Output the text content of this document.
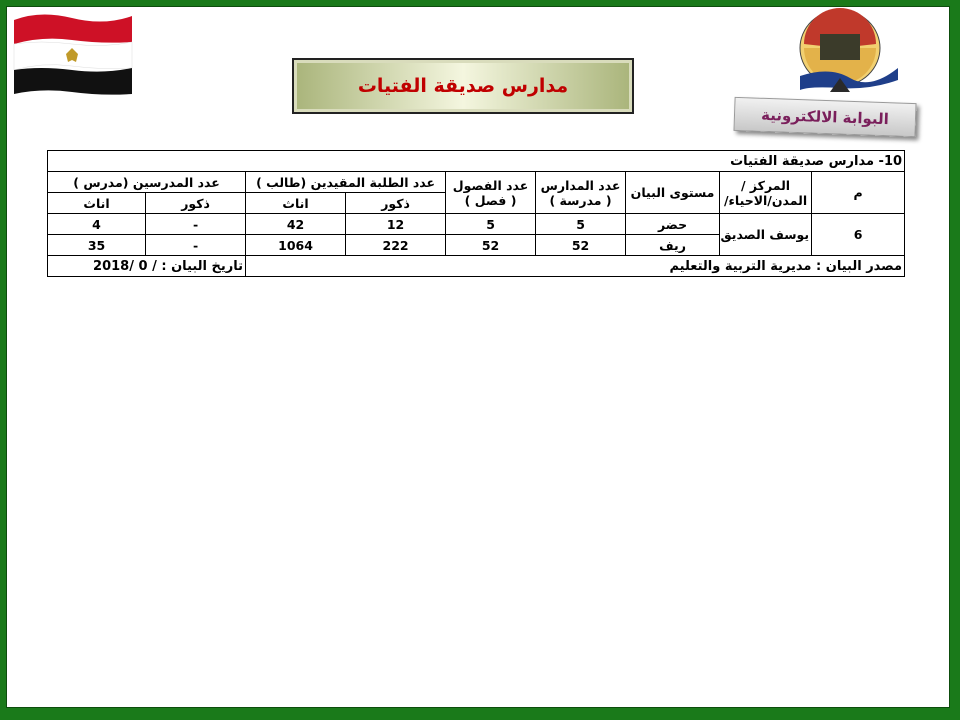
مدارس صديقة الفتيات
البوابة الالكترونية
10- مدارس صديقة الفتيات								
م	المركز /المدن/الاحياء/	مستوى البيان	عدد المدارس ( مدرسة )	عدد الفصول ( فصل )	عدد الطلبة المقيدين (طالب )		عدد المدرسين (مدرس )	
					ذكور	اناث	ذكور	اناث
6	يوسف الصديق	حضر	5	5	12	42	-	4
		ريف	52	52	222	1064	-	35
مصدر البيان : مديرية التربية والتعليم							تاريخ البيان : / 0 /2018	
